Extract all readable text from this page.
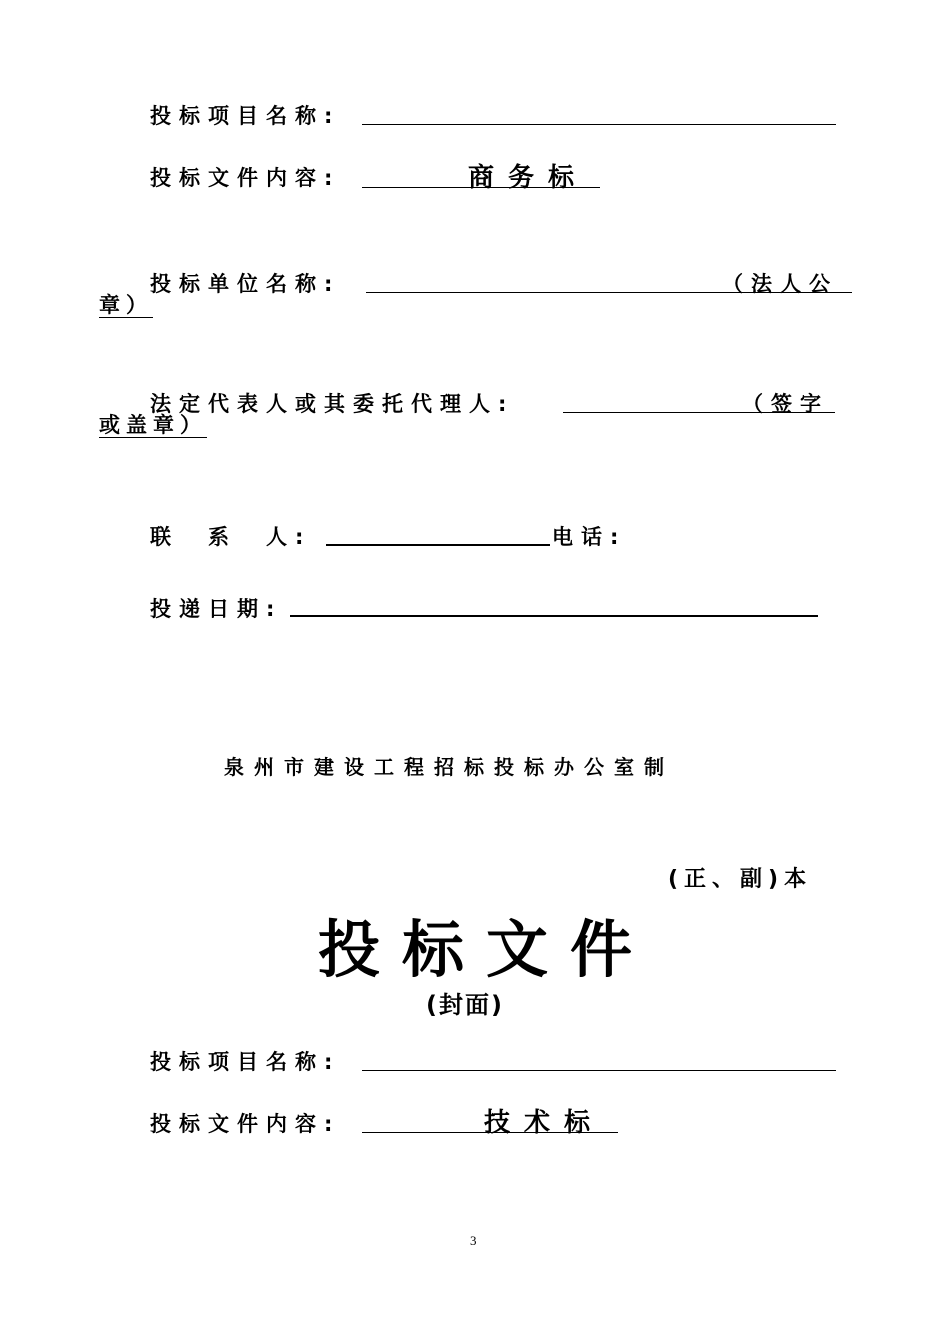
投标项目名称:
投标文件内容:	商务标
投标单位名称:	（法人公
章）
法定代表人或其委托代理人:	（签字
或盖章）
联　系　人:	电话:
投递日期:
泉州市建设工程招标投标办公室制
(正、副)本
投标文件
(封面)
投标项目名称:
投标文件内容:	技术标
3
